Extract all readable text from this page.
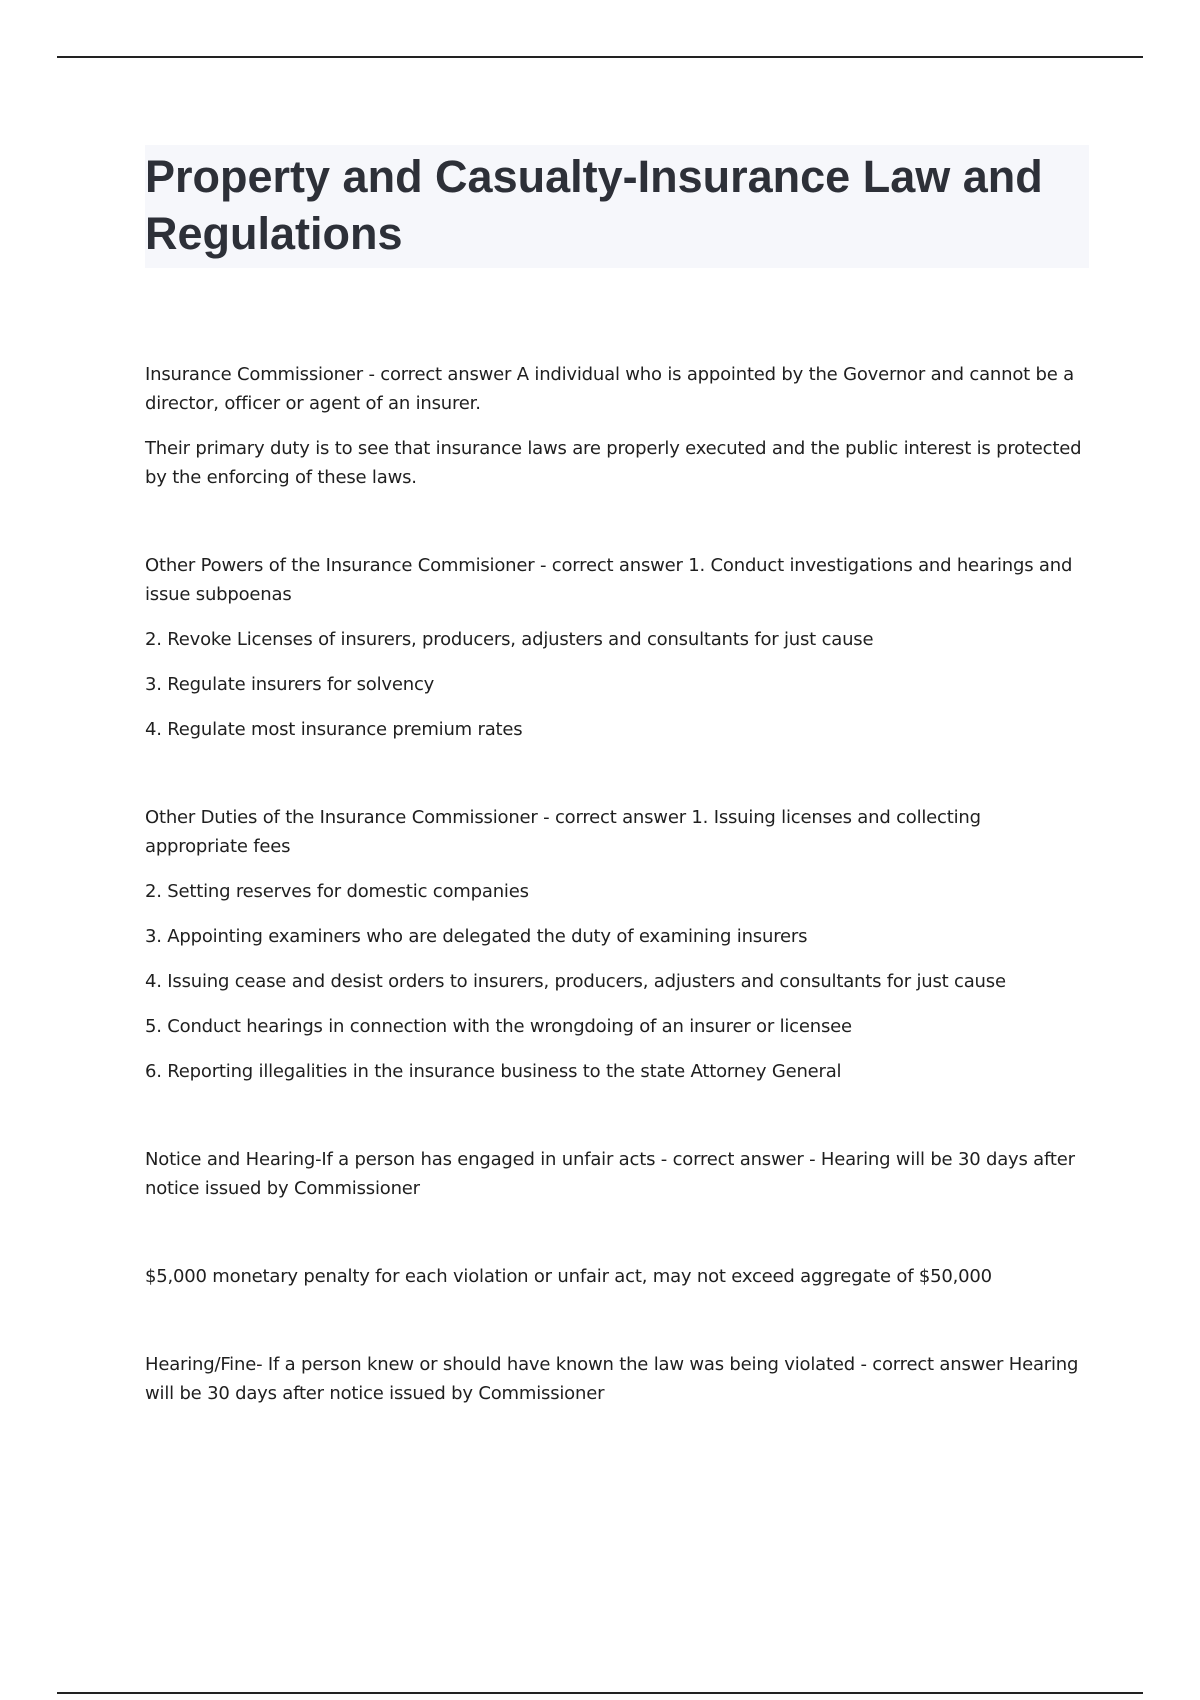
Property and Casualty-Insurance Law and Regulations

Insurance Commissioner - correct answer A individual who is appointed by the Governor and cannot be a director, officer or agent of an insurer.

Their primary duty is to see that insurance laws are properly executed and the public interest is protected by the enforcing of these laws.

Other Powers of the Insurance Commisioner - correct answer 1. Conduct investigations and hearings and issue subpoenas

2. Revoke Licenses of insurers, producers, adjusters and consultants for just cause

3. Regulate insurers for solvency

4. Regulate most insurance premium rates

Other Duties of the Insurance Commissioner - correct answer 1. Issuing licenses and collecting appropriate fees

2. Setting reserves for domestic companies

3. Appointing examiners who are delegated the duty of examining insurers

4. Issuing cease and desist orders to insurers, producers, adjusters and consultants for just cause

5. Conduct hearings in connection with the wrongdoing of an insurer or licensee

6. Reporting illegalities in the insurance business to the state Attorney General

Notice and Hearing-If a person has engaged in unfair acts - correct answer - Hearing will be 30 days after notice issued by Commissioner

$5,000 monetary penalty for each violation or unfair act, may not exceed aggregate of $50,000

Hearing/Fine- If a person knew or should have known the law was being violated - correct answer Hearing will be 30 days after notice issued by Commissioner
